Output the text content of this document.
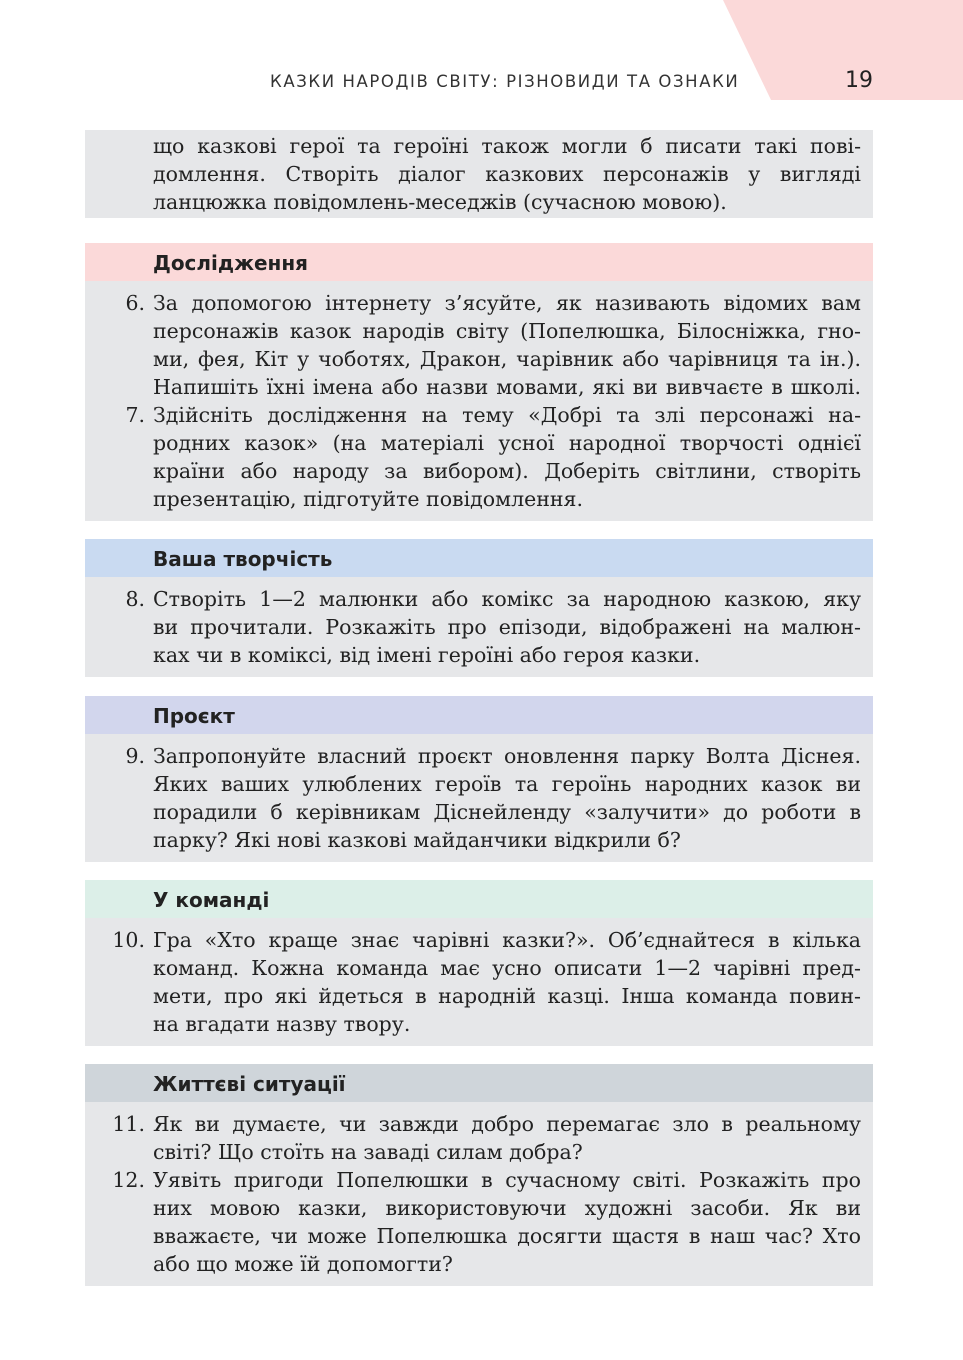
КАЗКИ НАРОДІВ СВІТУ: РІЗНОВИДИ ТА ОЗНАКИ	19
що казкові герої та героїні також могли б писати такі пові-
домлення. Створіть діалог казкових персонажів у вигляді
ланцюжка повідомлень-меседжів (сучасною мовою).
Дослідження
6. За допомогою інтернету з’ясуйте, як називають відомих вам
персонажів казок народів світу (Попелюшка, Білосніжка, гно-
ми, фея, Кіт у чоботях, Дракон, чарівник або чарівниця та ін.).
Напишіть їхні імена або назви мовами, які ви вивчаєте в школі.
7. Здійсніть дослідження на тему «Добрі та злі персонажі на-
родних казок» (на матеріалі усної народної творчості однієї
країни або народу за вибором). Доберіть світлини, створіть
презентацію, підготуйте повідомлення.
Ваша творчість
8. Створіть 1—2 малюнки або комікс за народною казкою, яку
ви прочитали. Розкажіть про епізоди, відображені на малюн-
ках чи в коміксі, від імені героїні або героя казки.
Проєкт
9. Запропонуйте власний проєкт оновлення парку Волта Діснея.
Яких ваших улюблених героїв та героїнь народних казок ви
порадили б керівникам Діснейленду «залучити» до роботи в
парку? Які нові казкові майданчики відкрили б?
У команді
10. Гра «Хто краще знає чарівні казки?». Об’єднайтеся в кілька
команд. Кожна команда має усно описати 1—2 чарівні пред-
мети, про які йдеться в народній казці. Інша команда повин-
на вгадати назву твору.
Життєві ситуації
11. Як ви думаєте, чи завжди добро перемагає зло в реальному
світі? Що стоїть на заваді силам добра?
12. Уявіть пригоди Попелюшки в сучасному світі. Розкажіть про
них мовою казки, використовуючи художні засоби. Як ви
вважаєте, чи може Попелюшка досягти щастя в наш час? Хто
або що може їй допомогти?
